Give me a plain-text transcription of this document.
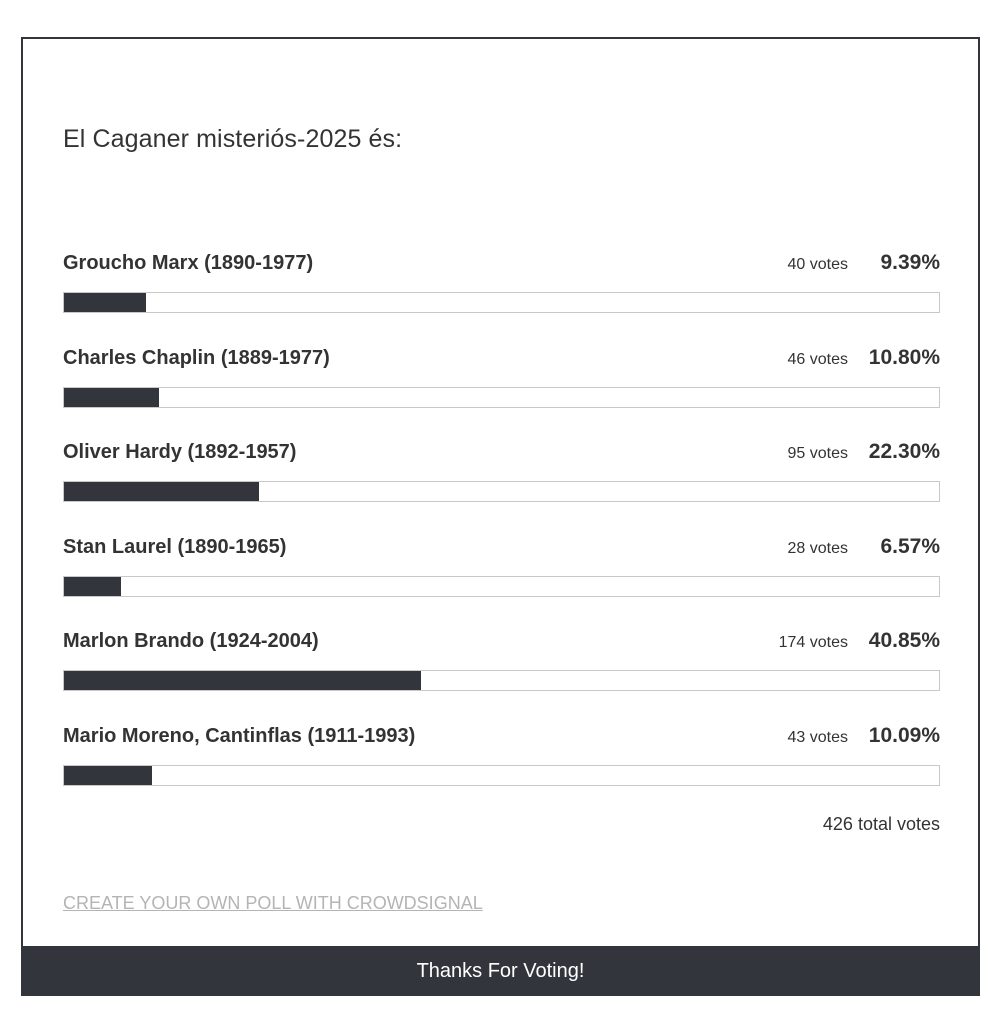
El Caganer misteriós-2025 és:
Groucho Marx (1890-1977)	40 votes 9.39%
Charles Chaplin (1889-1977)	46 votes 10.80%
Oliver Hardy (1892-1957)	95 votes 22.30%
Stan Laurel (1890-1965)	28 votes 6.57%
Marlon Brando (1924-2004)	174 votes 40.85%
Mario Moreno, Cantinflas (1911-1993)	43 votes 10.09%
426 total votes
CREATE YOUR OWN POLL WITH CROWDSIGNAL
Thanks For Voting!
